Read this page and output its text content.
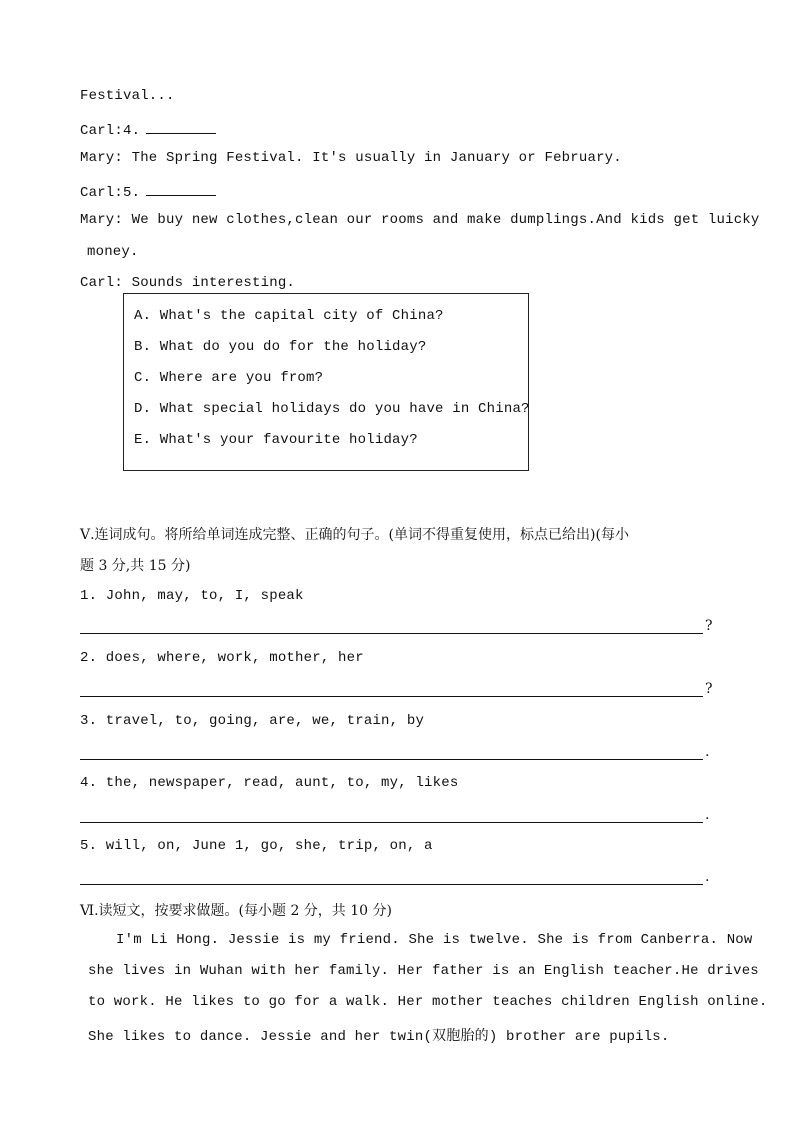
Festival...
Carl:4.
Mary: The Spring Festival. It's usually in January or February.
Carl:5.
Mary: We buy new clothes,clean our rooms and make dumplings.And kids get luicky
money.
Carl: Sounds interesting.
A. What's the capital city of China?
B. What do you do for the holiday?
C. Where are you from?
D. What special holidays do you have in China?
E. What's your favourite holiday?
Ⅴ.连词成句。将所给单词连成完整、正确的句子。(单词不得重复使用，标点已给出)(每小
题 3 分,共 15 分)
1. John, may, to, I, speak
?
2. does, where, work, mother, her
?
3. travel, to, going, are, we, train, by
.
4. the, newspaper, read, aunt, to, my, likes
.
5. will, on, June 1, go, she, trip, on, a
.
Ⅵ.读短文，按要求做题。(每小题 2 分，共 10 分)
I'm Li Hong. Jessie is my friend. She is twelve. She is from Canberra. Now
she lives in Wuhan with her family. Her father is an English teacher.He drives
to work. He likes to go for a walk. Her mother teaches children English online.
She likes to dance. Jessie and her twin(双胞胎的) brother are pupils.
